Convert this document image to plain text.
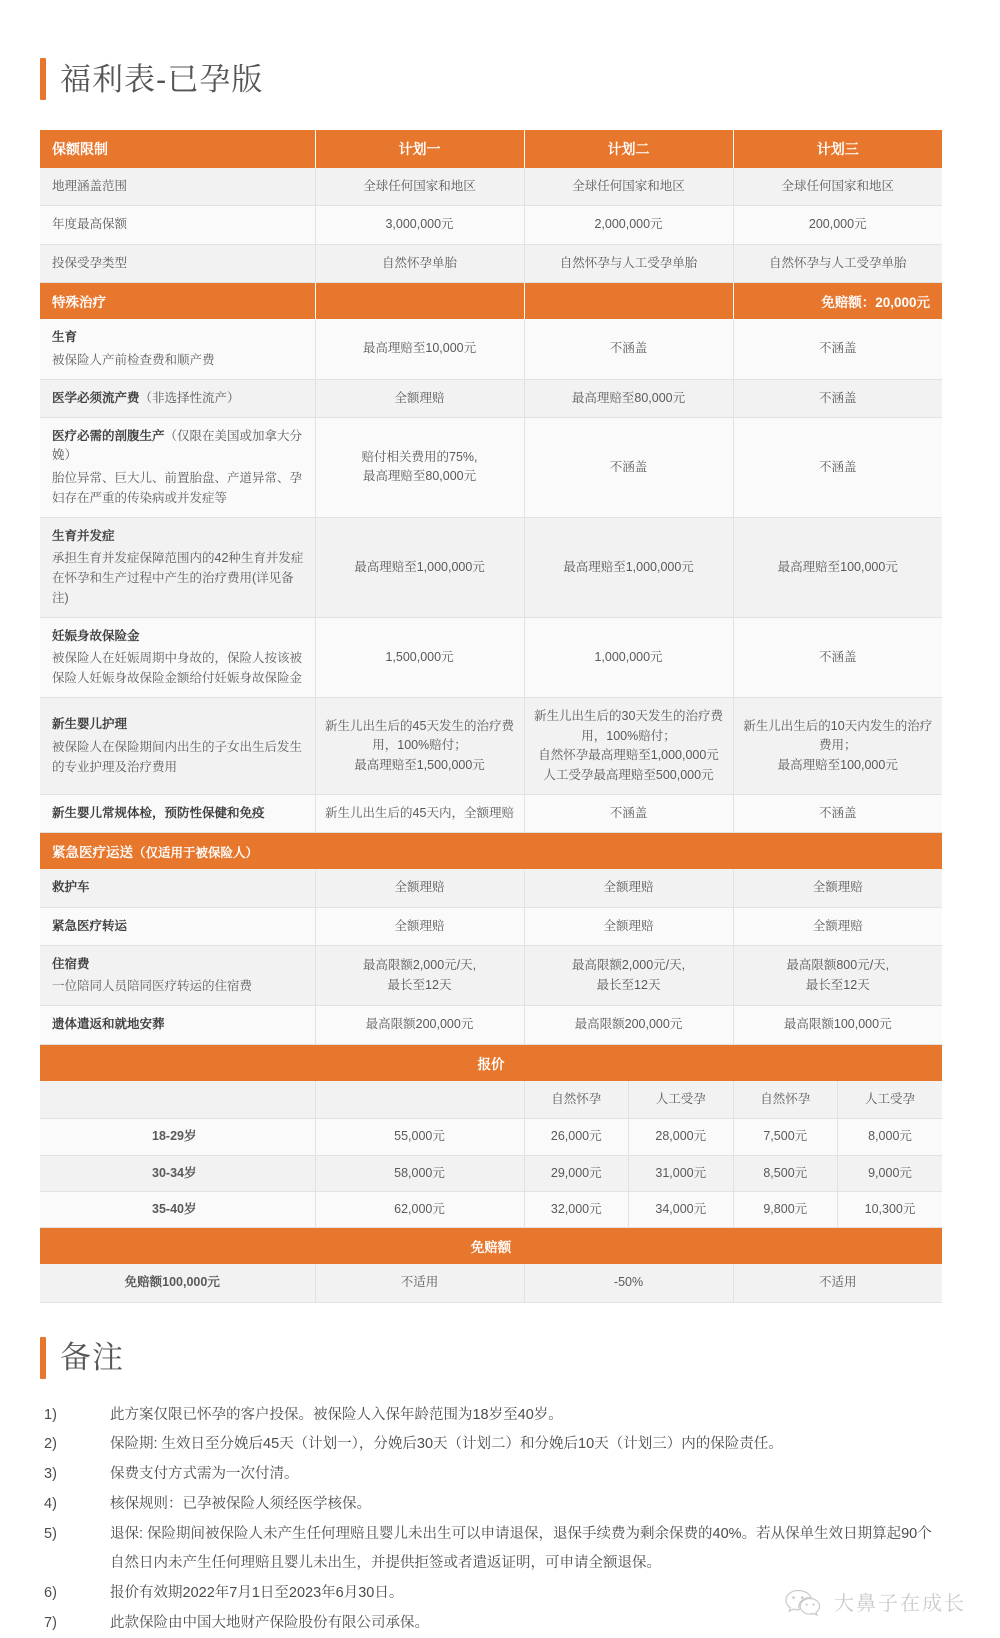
福利表-已孕版
保额限制	计划一	计划二		计划三	
地理涵盖范围	全球任何国家和地区	全球任何国家和地区		全球任何国家和地区	
年度最高保额	3,000,000元	2,000,000元		200,000元	
投保受孕类型	自然怀孕单胎	自然怀孕与人工受孕单胎		自然怀孕与人工受孕单胎	
特殊治疗				免赔额：20,000元	

生育
被保险人产前检查费和顺产费	最高理赔至10,000元	不涵盖		不涵盖	

医学必须流产费（非选择性流产）	全额理赔	最高理赔至80,000元		不涵盖	

医疗必需的剖腹生产（仅限在美国或加拿大分娩）
胎位异常、巨大儿、前置胎盘、产道异常、孕妇存在严重的传染病或并发症等	赔付相关费用的75%,
最高理赔至80,000元	不涵盖		不涵盖	

生育并发症
承担生育并发症保障范围内的42种生育并发症在怀孕和生产过程中产生的治疗费用(详见备注)	最高理赔至1,000,000元	最高理赔至1,000,000元		最高理赔至100,000元	

妊娠身故保险金
被保险人在妊娠周期中身故的，保险人按该被保险人妊娠身故保险金额给付妊娠身故保险金	1,500,000元	1,000,000元		不涵盖	

新生婴儿护理
被保险人在保险期间内出生的子女出生后发生的专业护理及治疗费用	新生儿出生后的45天发生的治疗费用，100%赔付；
最高理赔至1,500,000元	新生儿出生后的30天发生的治疗费用，100%赔付；
自然怀孕最高理赔至1,000,000元
人工受孕最高理赔至500,000元		新生儿出生后的10天内发生的治疗费用；
最高理赔至100,000元	

新生婴儿常规体检，预防性保健和免疫	新生儿出生后的45天内，全额理赔	不涵盖		不涵盖	

紧急医疗运送（仅适用于被保险人）					

救护车	全额理赔	全额理赔		全额理赔	

紧急医疗转运	全额理赔	全额理赔		全额理赔	

住宿费
一位陪同人员陪同医疗转运的住宿费	最高限额2,000元/天,
最长至12天	最高限额2,000元/天,
最长至12天		最高限额800元/天,
最长至12天	

遗体遣返和就地安葬	最高限额200,000元	最高限额200,000元		最高限额100,000元	

报价					
		自然怀孕	人工受孕	自然怀孕	人工受孕
18-29岁	55,000元	26,000元	28,000元	7,500元	8,000元
30-34岁	58,000元	29,000元	31,000元	8,500元	9,000元
35-40岁	62,000元	32,000元	34,000元	9,800元	10,300元
免赔额					
免赔额100,000元	不适用	-50%		不适用	
备注
1)	此方案仅限已怀孕的客户投保。被保险人入保年龄范围为18岁至40岁。
2)	保险期: 生效日至分娩后45天（计划一），分娩后30天（计划二）和分娩后10天（计划三）内的保险责任。
3)	保费支付方式需为一次付清。
4)	核保规则：已孕被保险人须经医学核保。
5)	退保: 保险期间被保险人未产生任何理赔且婴儿未出生可以申请退保，退保手续费为剩余保费的40%。若从保单生效日期算起90个自然日内未产生任何理赔且婴儿未出生，并提供拒签或者遣返证明，可申请全额退保。
6)	报价有效期2022年7月1日至2023年6月30日。
7)	此款保险由中国大地财产保险股份有限公司承保。
大鼻子在成长
